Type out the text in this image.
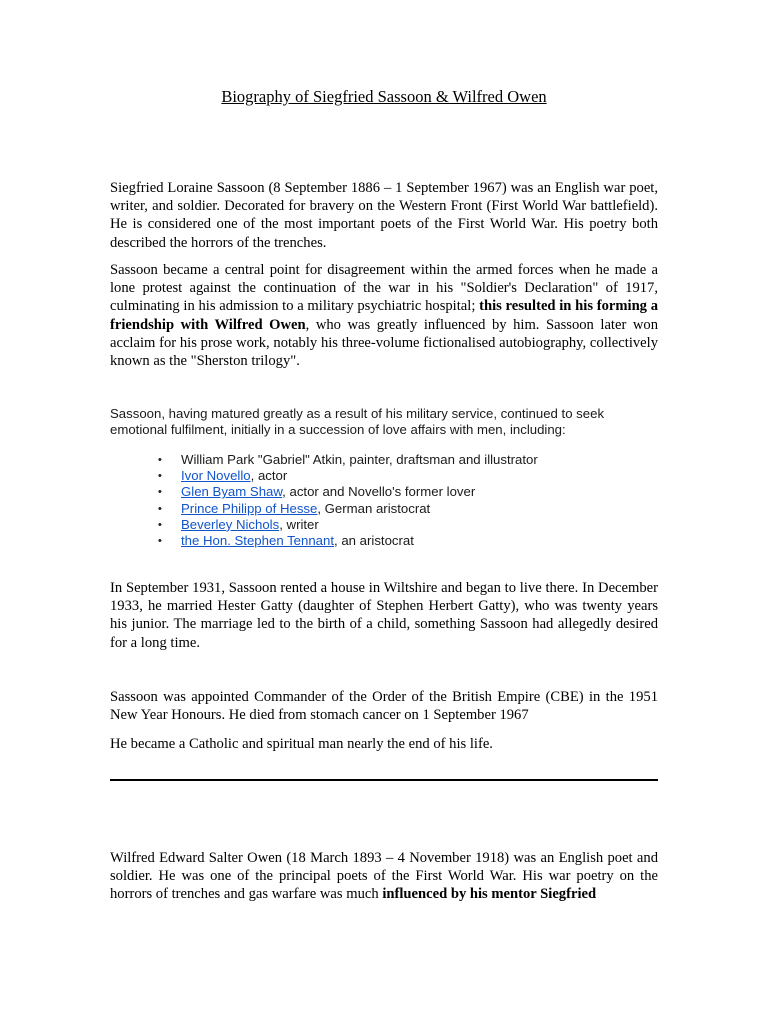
Biography of Siegfried Sassoon & Wilfred Owen

Siegfried Loraine Sassoon (8 September 1886 – 1 September 1967) was an English war poet, writer, and soldier. Decorated for bravery on the Western Front (First World War battlefield). He is considered one of the most important poets of the First World War. His poetry both described the horrors of the trenches.

Sassoon became a central point for disagreement within the armed forces when he made a lone protest against the continuation of the war in his "Soldier's Declaration" of 1917, culminating in his admission to a military psychiatric hospital; this resulted in his forming a friendship with Wilfred Owen, who was greatly influenced by him. Sassoon later won acclaim for his prose work, notably his three-volume fictionalised autobiography, collectively known as the "Sherston trilogy".

Sassoon, having matured greatly as a result of his military service, continued to seek emotional fulfilment, initially in a succession of love affairs with men, including:

• William Park "Gabriel" Atkin, painter, draftsman and illustrator
• Ivor Novello, actor
• Glen Byam Shaw, actor and Novello's former lover
• Prince Philipp of Hesse, German aristocrat
• Beverley Nichols, writer
• the Hon. Stephen Tennant, an aristocrat

In September 1931, Sassoon rented a house in Wiltshire and began to live there. In December 1933, he married Hester Gatty (daughter of Stephen Herbert Gatty), who was twenty years his junior. The marriage led to the birth of a child, something Sassoon had allegedly desired for a long time.

Sassoon was appointed Commander of the Order of the British Empire (CBE) in the 1951 New Year Honours. He died from stomach cancer on 1 September 1967

He became a Catholic and spiritual man nearly the end of his life.

Wilfred Edward Salter Owen (18 March 1893 – 4 November 1918) was an English poet and soldier. He was one of the principal poets of the First World War. His war poetry on the horrors of trenches and gas warfare was much influenced by his mentor Siegfried
